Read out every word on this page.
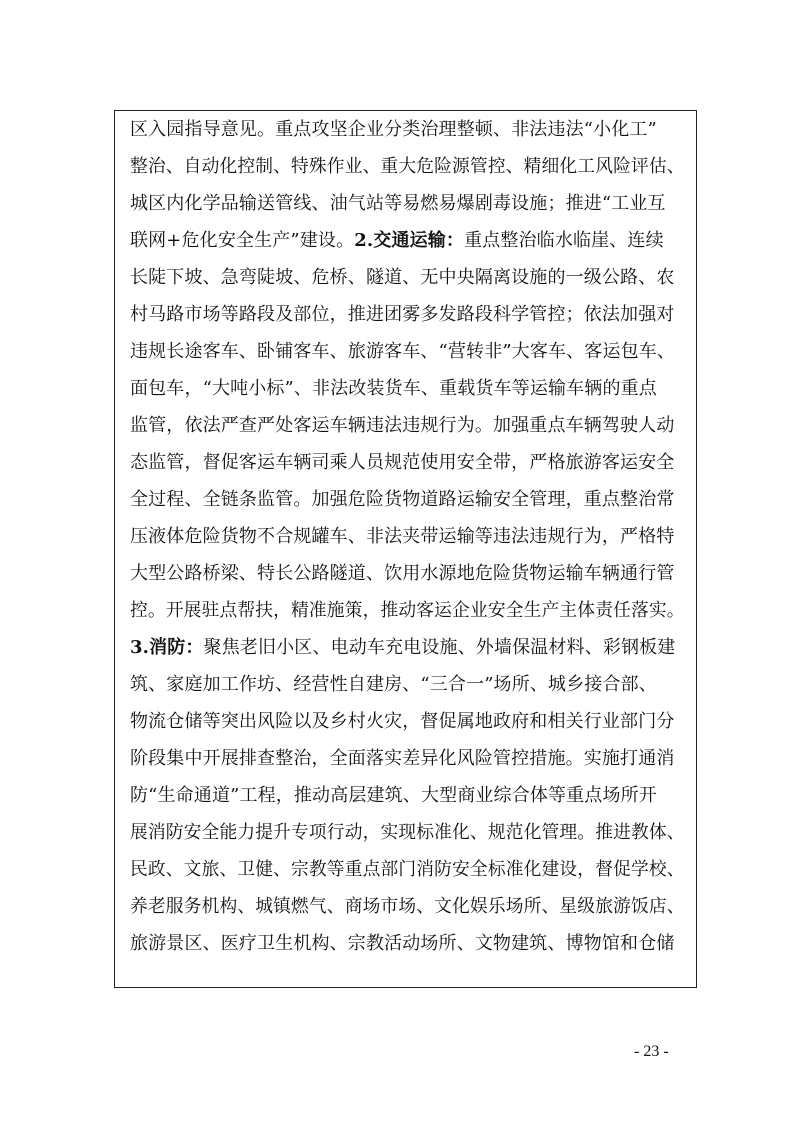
区入园指导意见。重点攻坚企业分类治理整顿、非法违法“小化工”
整治、自动化控制、特殊作业、重大危险源管控、精细化工风险评估、
城区内化学品输送管线、油气站等易燃易爆剧毒设施；推进“工业互
联网+危化安全生产”建设。2.交通运输：重点整治临水临崖、连续
长陡下坡、急弯陡坡、危桥、隧道、无中央隔离设施的一级公路、农
村马路市场等路段及部位，推进团雾多发路段科学管控；依法加强对
违规长途客车、卧铺客车、旅游客车、“营转非”大客车、客运包车、
面包车，“大吨小标”、非法改装货车、重载货车等运输车辆的重点
监管，依法严查严处客运车辆违法违规行为。加强重点车辆驾驶人动
态监管，督促客运车辆司乘人员规范使用安全带，严格旅游客运安全
全过程、全链条监管。加强危险货物道路运输安全管理，重点整治常
压液体危险货物不合规罐车、非法夹带运输等违法违规行为，严格特
大型公路桥梁、特长公路隧道、饮用水源地危险货物运输车辆通行管
控。开展驻点帮扶，精准施策，推动客运企业安全生产主体责任落实。
3.消防：聚焦老旧小区、电动车充电设施、外墙保温材料、彩钢板建
筑、家庭加工作坊、经营性自建房、“三合一”场所、城乡接合部、
物流仓储等突出风险以及乡村火灾，督促属地政府和相关行业部门分
阶段集中开展排查整治，全面落实差异化风险管控措施。实施打通消
防“生命通道”工程，推动高层建筑、大型商业综合体等重点场所开
展消防安全能力提升专项行动，实现标准化、规范化管理。推进教体、
民政、文旅、卫健、宗教等重点部门消防安全标准化建设，督促学校、
养老服务机构、城镇燃气、商场市场、文化娱乐场所、星级旅游饭店、
旅游景区、医疗卫生机构、宗教活动场所、文物建筑、博物馆和仓储
- 23 -
